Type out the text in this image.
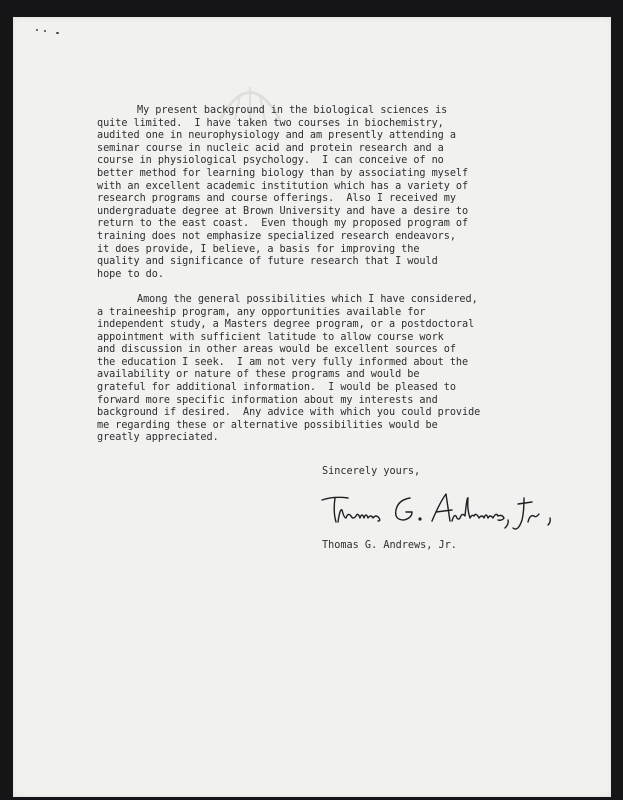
My present background in the biological sciences is
quite limited.  I have taken two courses in biochemistry,
audited one in neurophysiology and am presently attending a
seminar course in nucleic acid and protein research and a
course in physiological psychology.  I can conceive of no
better method for learning biology than by associating myself
with an excellent academic institution which has a variety of
research programs and course offerings.  Also I received my
undergraduate degree at Brown University and have a desire to
return to the east coast.  Even though my proposed program of
training does not emphasize specialized research endeavors,
it does provide, I believe, a basis for improving the
quality and significance of future research that I would
hope to do.

Among the general possibilities which I have considered,
a traineeship program, any opportunities available for
independent study, a Masters degree program, or a postdoctoral
appointment with sufficient latitude to allow course work
and discussion in other areas would be excellent sources of
the education I seek.  I am not very fully informed about the
availability or nature of these programs and would be
grateful for additional information.  I would be pleased to
forward more specific information about my interests and
background if desired.  Any advice with which you could provide
me regarding these or alternative possibilities would be
greatly appreciated.

Sincerely yours,
Thomas G. Andrews, Jr.
